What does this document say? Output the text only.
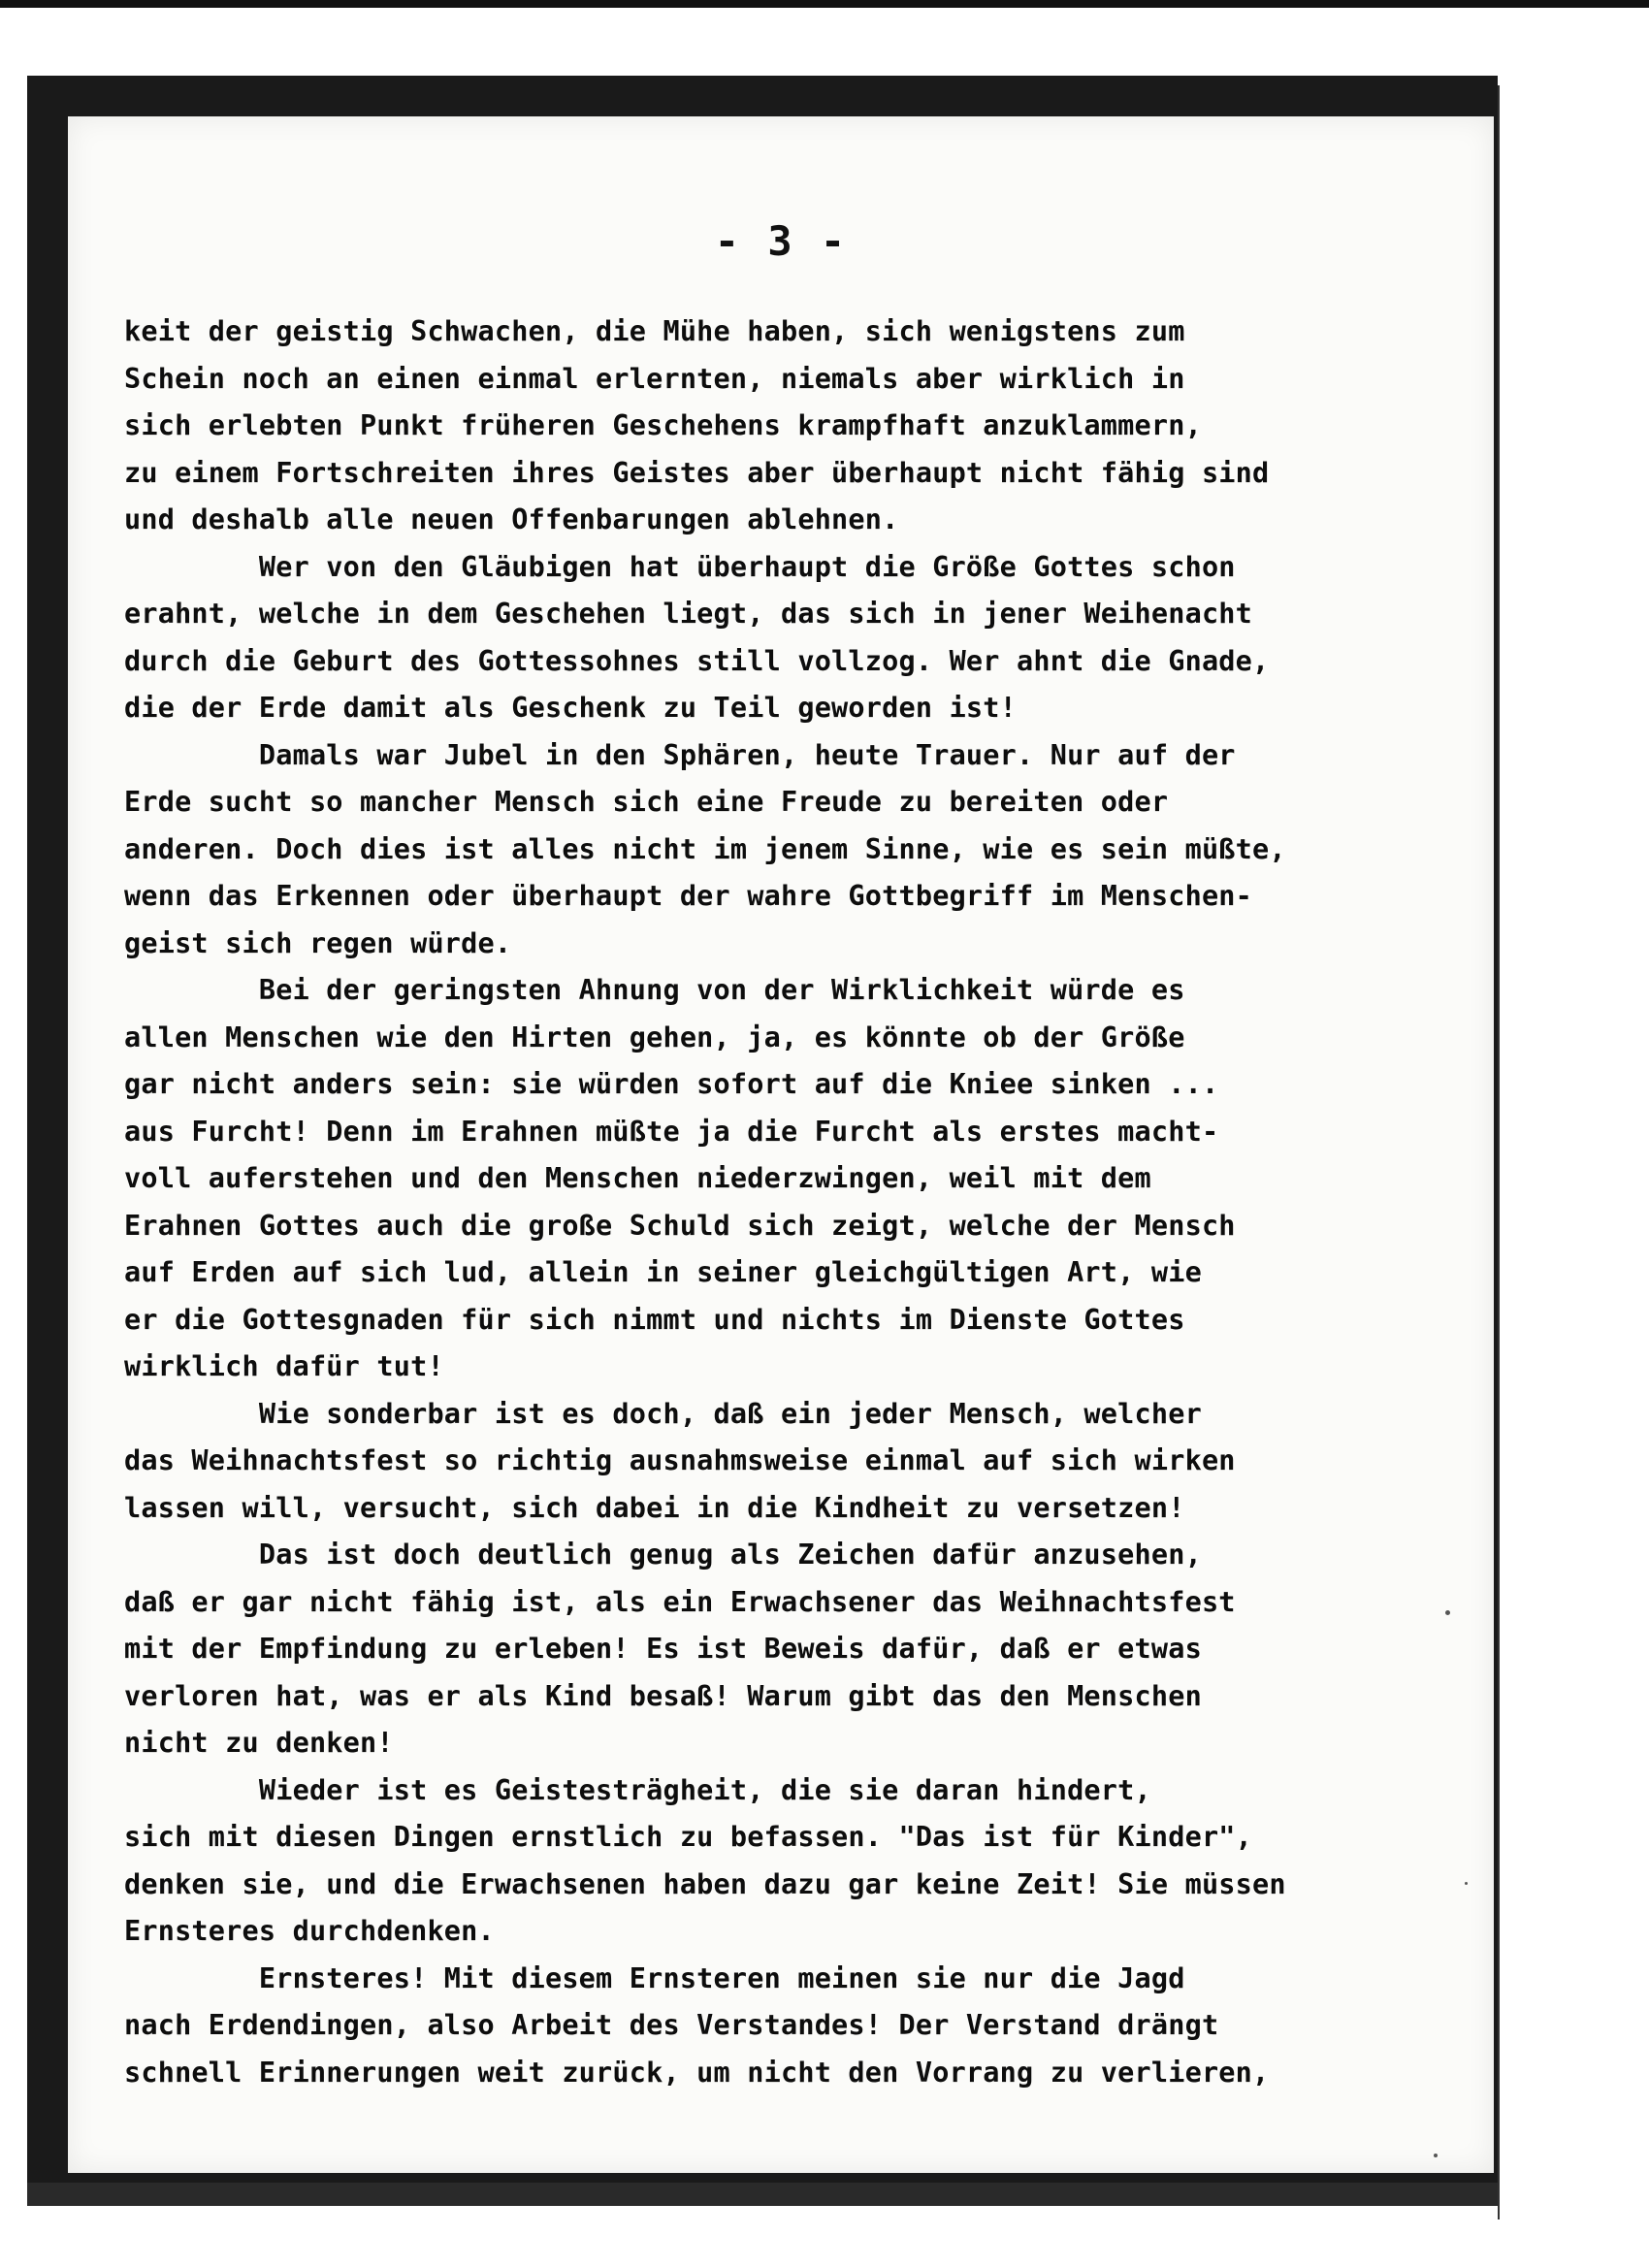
- 3 -
keit der geistig Schwachen, die Mühe haben, sich wenigstens zum
Schein noch an einen einmal erlernten, niemals aber wirklich in
sich erlebten Punkt früheren Geschehens krampfhaft anzuklammern,
zu einem Fortschreiten ihres Geistes aber überhaupt nicht fähig sind
und deshalb alle neuen Offenbarungen ablehnen.
Wer von den Gläubigen hat überhaupt die Größe Gottes schon
erahnt, welche in dem Geschehen liegt, das sich in jener Weihenacht
durch die Geburt des Gottessohnes still vollzog. Wer ahnt die Gnade,
die der Erde damit als Geschenk zu Teil geworden ist!
Damals war Jubel in den Sphären, heute Trauer. Nur auf der
Erde sucht so mancher Mensch sich eine Freude zu bereiten oder
anderen. Doch dies ist alles nicht im jenem Sinne, wie es sein müßte,
wenn das Erkennen oder überhaupt der wahre Gottbegriff im Menschen-
geist sich regen würde.
Bei der geringsten Ahnung von der Wirklichkeit würde es
allen Menschen wie den Hirten gehen, ja, es könnte ob der Größe
gar nicht anders sein: sie würden sofort auf die Kniee sinken ...
aus Furcht! Denn im Erahnen müßte ja die Furcht als erstes macht-
voll auferstehen und den Menschen niederzwingen, weil mit dem
Erahnen Gottes auch die große Schuld sich zeigt, welche der Mensch
auf Erden auf sich lud, allein in seiner gleichgültigen Art, wie
er die Gottesgnaden für sich nimmt und nichts im Dienste Gottes
wirklich dafür tut!
Wie sonderbar ist es doch, daß ein jeder Mensch, welcher
das Weihnachtsfest so richtig ausnahmsweise einmal auf sich wirken
lassen will, versucht, sich dabei in die Kindheit zu versetzen!
Das ist doch deutlich genug als Zeichen dafür anzusehen,
daß er gar nicht fähig ist, als ein Erwachsener das Weihnachtsfest
mit der Empfindung zu erleben! Es ist Beweis dafür, daß er etwas
verloren hat, was er als Kind besaß! Warum gibt das den Menschen
nicht zu denken!
Wieder ist es Geistesträgheit, die sie daran hindert,
sich mit diesen Dingen ernstlich zu befassen. "Das ist für Kinder",
denken sie, und die Erwachsenen haben dazu gar keine Zeit! Sie müssen
Ernsteres durchdenken.
Ernsteres! Mit diesem Ernsteren meinen sie nur die Jagd
nach Erdendingen, also Arbeit des Verstandes! Der Verstand drängt
schnell Erinnerungen weit zurück, um nicht den Vorrang zu verlieren,
